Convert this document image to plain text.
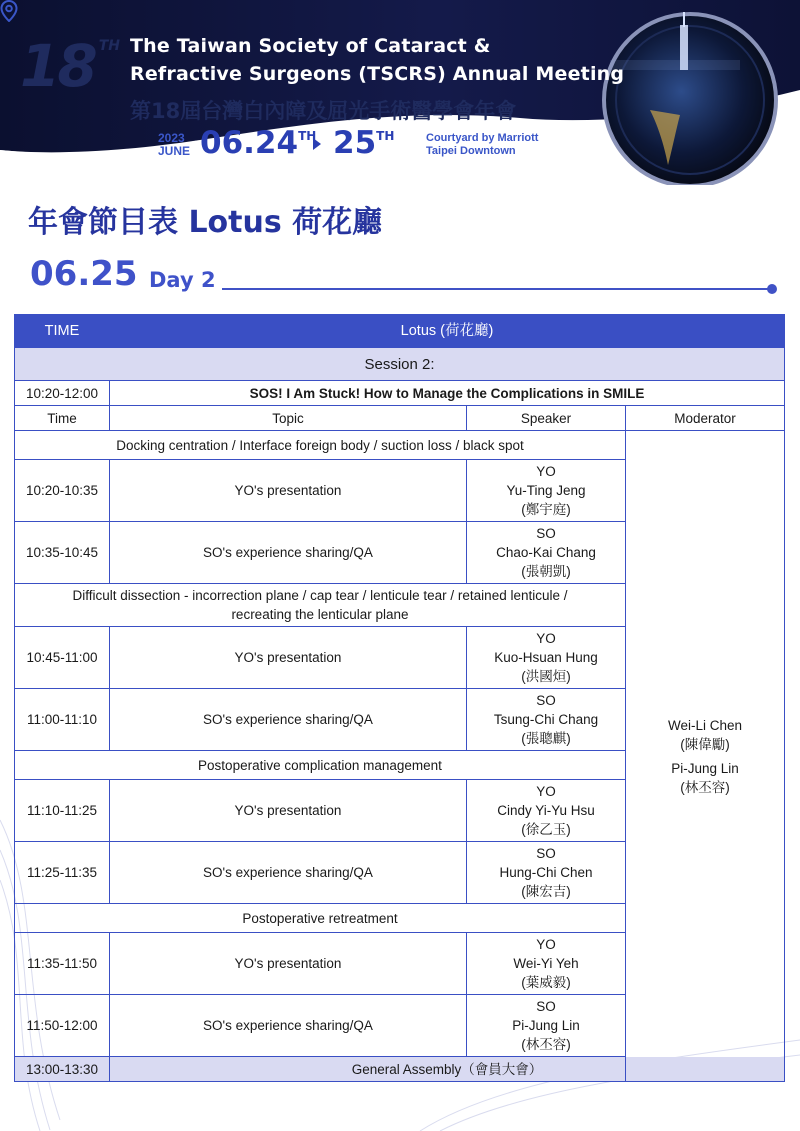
18 $^{TH}$ The Taiwan Society of Cataract &
Refractive Surgeons (TSCRS) Annual Meeting
第18屆台灣白內障及屈光手術醫學會年會
2023
JUNE 06.24TH 25TH	Courtyard by Marriott
Taipei Downtown
年會節目表 Lotus 荷花廳
06.25 Day 2
TIME	Lotus (荷花廳)		
Session 2:			
10:20-12:00	SOS! I Am Stuck! How to Manage the Complications in SMILE		
Time	Topic	Speaker	Moderator
Docking centration / Interface foreign body / suction loss / black spot			Wei-Li Chen
(陳偉勵)
Pi-Jung Lin
(林丕容)

10:20-10:35	YO's presentation	YO
Yu-Ting Jeng
(鄭宇庭)	

10:35-10:45	SO's experience sharing/QA	SO
Chao-Kai Chang
(張朝凱)	

Difficult dissection - incorrection plane / cap tear / lenticule tear / retained lenticule /
recreating the lenticular plane			

10:45-11:00	YO's presentation	YO
Kuo-Hsuan Hung
(洪國烜)	

11:00-11:10	SO's experience sharing/QA	SO
Tsung-Chi Chang
(張聰麒)	

Postoperative complication management			
11:10-11:25	YO's presentation	YO
Cindy Yi-Yu Hsu
(徐乙玉)	

11:25-11:35	SO's experience sharing/QA	SO
Hung-Chi Chen
(陳宏吉)	

Postoperative retreatment			
11:35-11:50	YO's presentation	YO
Wei-Yi Yeh
(葉威毅)	

11:50-12:00	SO's experience sharing/QA	SO
Pi-Jung Lin
(林丕容)	

13:00-13:30	General Assembly（會員大會）		
